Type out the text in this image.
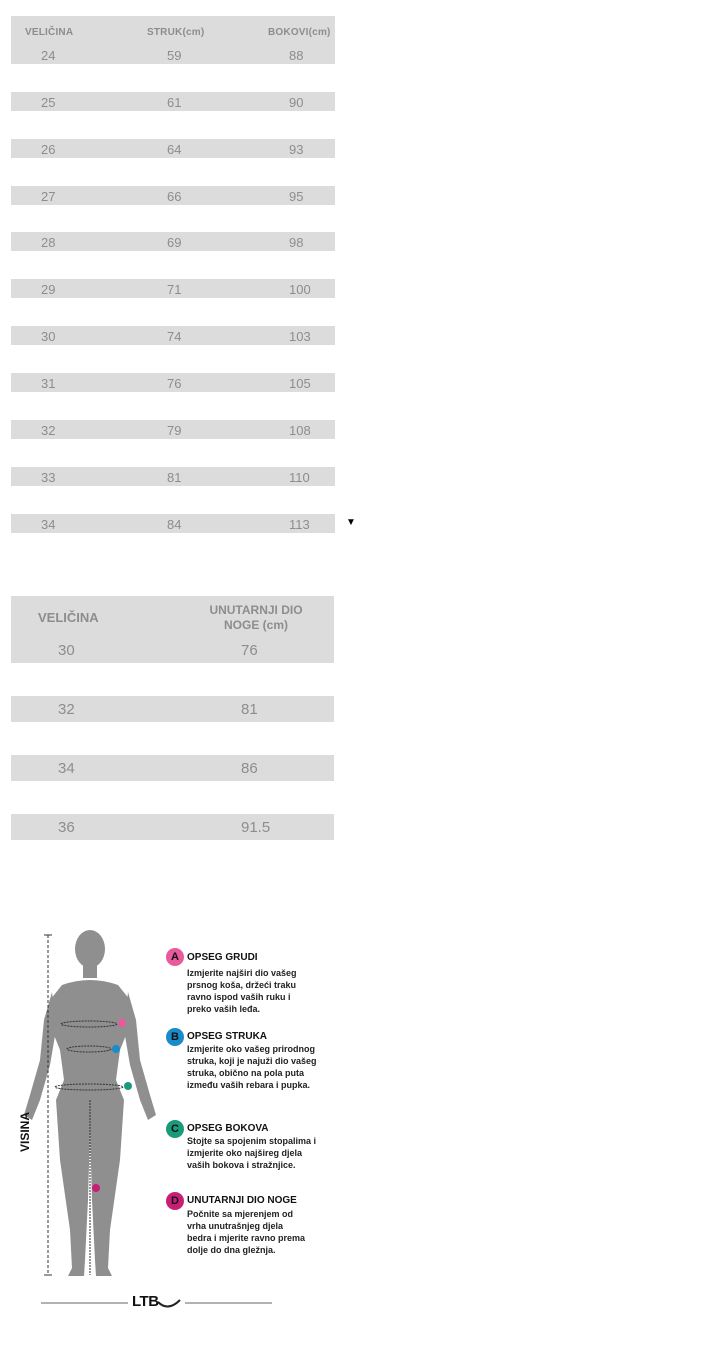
VELIČINA	STRUK(cm)	BOKOVI(cm)
24	59	88
25	61	90
26	64	93
27	66	95
28	69	98
29	71	100
30	74	103
31	76	105
32	79	108
33	81	110
34	84	113	▼
VELIČINA	UNUTARNJI DIO NOGE (cm)
30	76
32	81
34	86
36	91.5
VISINA
A OPSEG GRUDI
Izmjerite najširi dio vašeg prsnog koša, držeći traku ravno ispod vaših ruku i preko vaših leđa.
B OPSEG STRUKA
Izmjerite oko vašeg prirodnog struka, koji je najuži dio vašeg struka, obično na pola puta između vaših rebara i pupka.
C OPSEG BOKOVA
Stojte sa spojenim stopalima i izmjerite oko najšireg djela vaših bokova i stražnjice.
D UNUTARNJI DIO NOGE
Počnite sa mjerenjem od vrha unutrašnjeg djela bedra i mjerite ravno prema dolje do dna gležnja.
LTB
